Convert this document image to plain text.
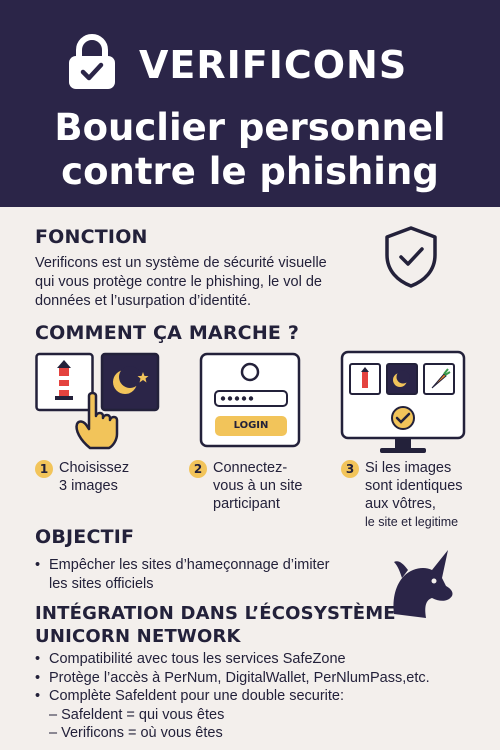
VERIFICONS
Bouclier personnel
contre le phishing
FONCTION
Verificons est un système de sécurité visuelle
qui vous protège contre le phishing, le vol de
données et l’usurpation d’identité.
COMMENT ÇA MARCHE ?
LOGIN
1 Choisissez
3 images
2 Connectez-
vous à un site
participant
3 Si les images
sont identiques
aux vôtres,
le site et legitime
OBJECTIF
• Empêcher les sites d’hameçonnage d’imiter
les sites officiels
INTÉGRATION DANS L’ÉCOSYSTÈME
UNICORN NETWORK
• Compatibilité avec tous les services SafeZone
• Protège l’accès à PerNum, DigitalWallet, PerNlumPass,etc.
• Complète Safeldent pour une double securite:
– Safeldent = qui vous êtes
– Verificons = où vous êtes
